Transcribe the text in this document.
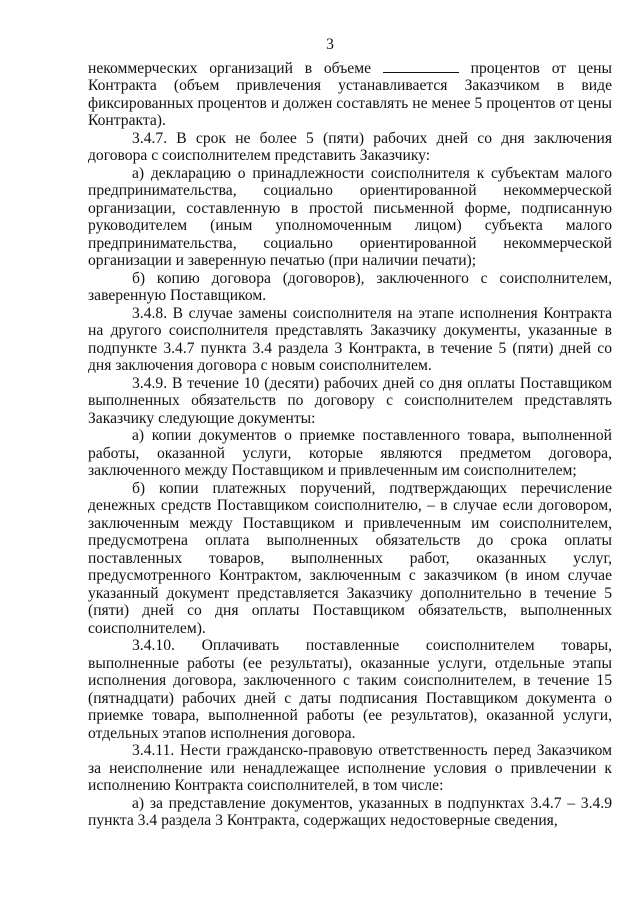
3

некоммерческих организаций в объеме	процентов от цены Контракта (объем привлечения устанавливается Заказчиком в виде фиксированных процентов и должен составлять не менее 5 процентов от цены Контракта).

3.4.7. В срок не более 5 (пяти) рабочих дней со дня заключения договора с соисполнителем представить Заказчику:

а) декларацию о принадлежности соисполнителя к субъектам малого предпринимательства, социально ориентированной некоммерческой организации, составленную в простой письменной форме, подписанную руководителем (иным уполномоченным лицом) субъекта малого предпринимательства, социально ориентированной некоммерческой организации и заверенную печатью (при наличии печати);

б) копию договора (договоров), заключенного с соисполнителем, заверенную Поставщиком.

3.4.8. В случае замены соисполнителя на этапе исполнения Контракта на другого соисполнителя представлять Заказчику документы, указанные в подпункте 3.4.7 пункта 3.4 раздела 3 Контракта, в течение 5 (пяти) дней со дня заключения договора с новым соисполнителем.

3.4.9. В течение 10 (десяти) рабочих дней со дня оплаты Поставщиком выполненных обязательств по договору с соисполнителем представлять Заказчику следующие документы:

а) копии документов о приемке поставленного товара, выполненной работы, оказанной услуги, которые являются предметом договора, заключенного между Поставщиком и привлеченным им соисполнителем;

б) копии платежных поручений, подтверждающих перечисление денежных средств Поставщиком соисполнителю, – в случае если договором, заключенным между Поставщиком и привлеченным им соисполнителем, предусмотрена оплата выполненных обязательств до срока оплаты поставленных товаров, выполненных работ, оказанных услуг, предусмотренного Контрактом, заключенным с заказчиком (в ином случае указанный документ представляется Заказчику дополнительно в течение 5 (пяти) дней со дня оплаты Поставщиком обязательств, выполненных соисполнителем).

3.4.10. Оплачивать поставленные соисполнителем товары, выполненные работы (ее результаты), оказанные услуги, отдельные этапы исполнения договора, заключенного с таким соисполнителем, в течение 15 (пятнадцати) рабочих дней с даты подписания Поставщиком документа о приемке товара, выполненной работы (ее результатов), оказанной услуги, отдельных этапов исполнения договора.

3.4.11. Нести гражданско-правовую ответственность перед Заказчиком за неисполнение или ненадлежащее исполнение условия о привлечении к исполнению Контракта соисполнителей, в том числе:

а) за представление документов, указанных в подпунктах 3.4.7 – 3.4.9 пункта 3.4 раздела 3 Контракта, содержащих недостоверные сведения,
